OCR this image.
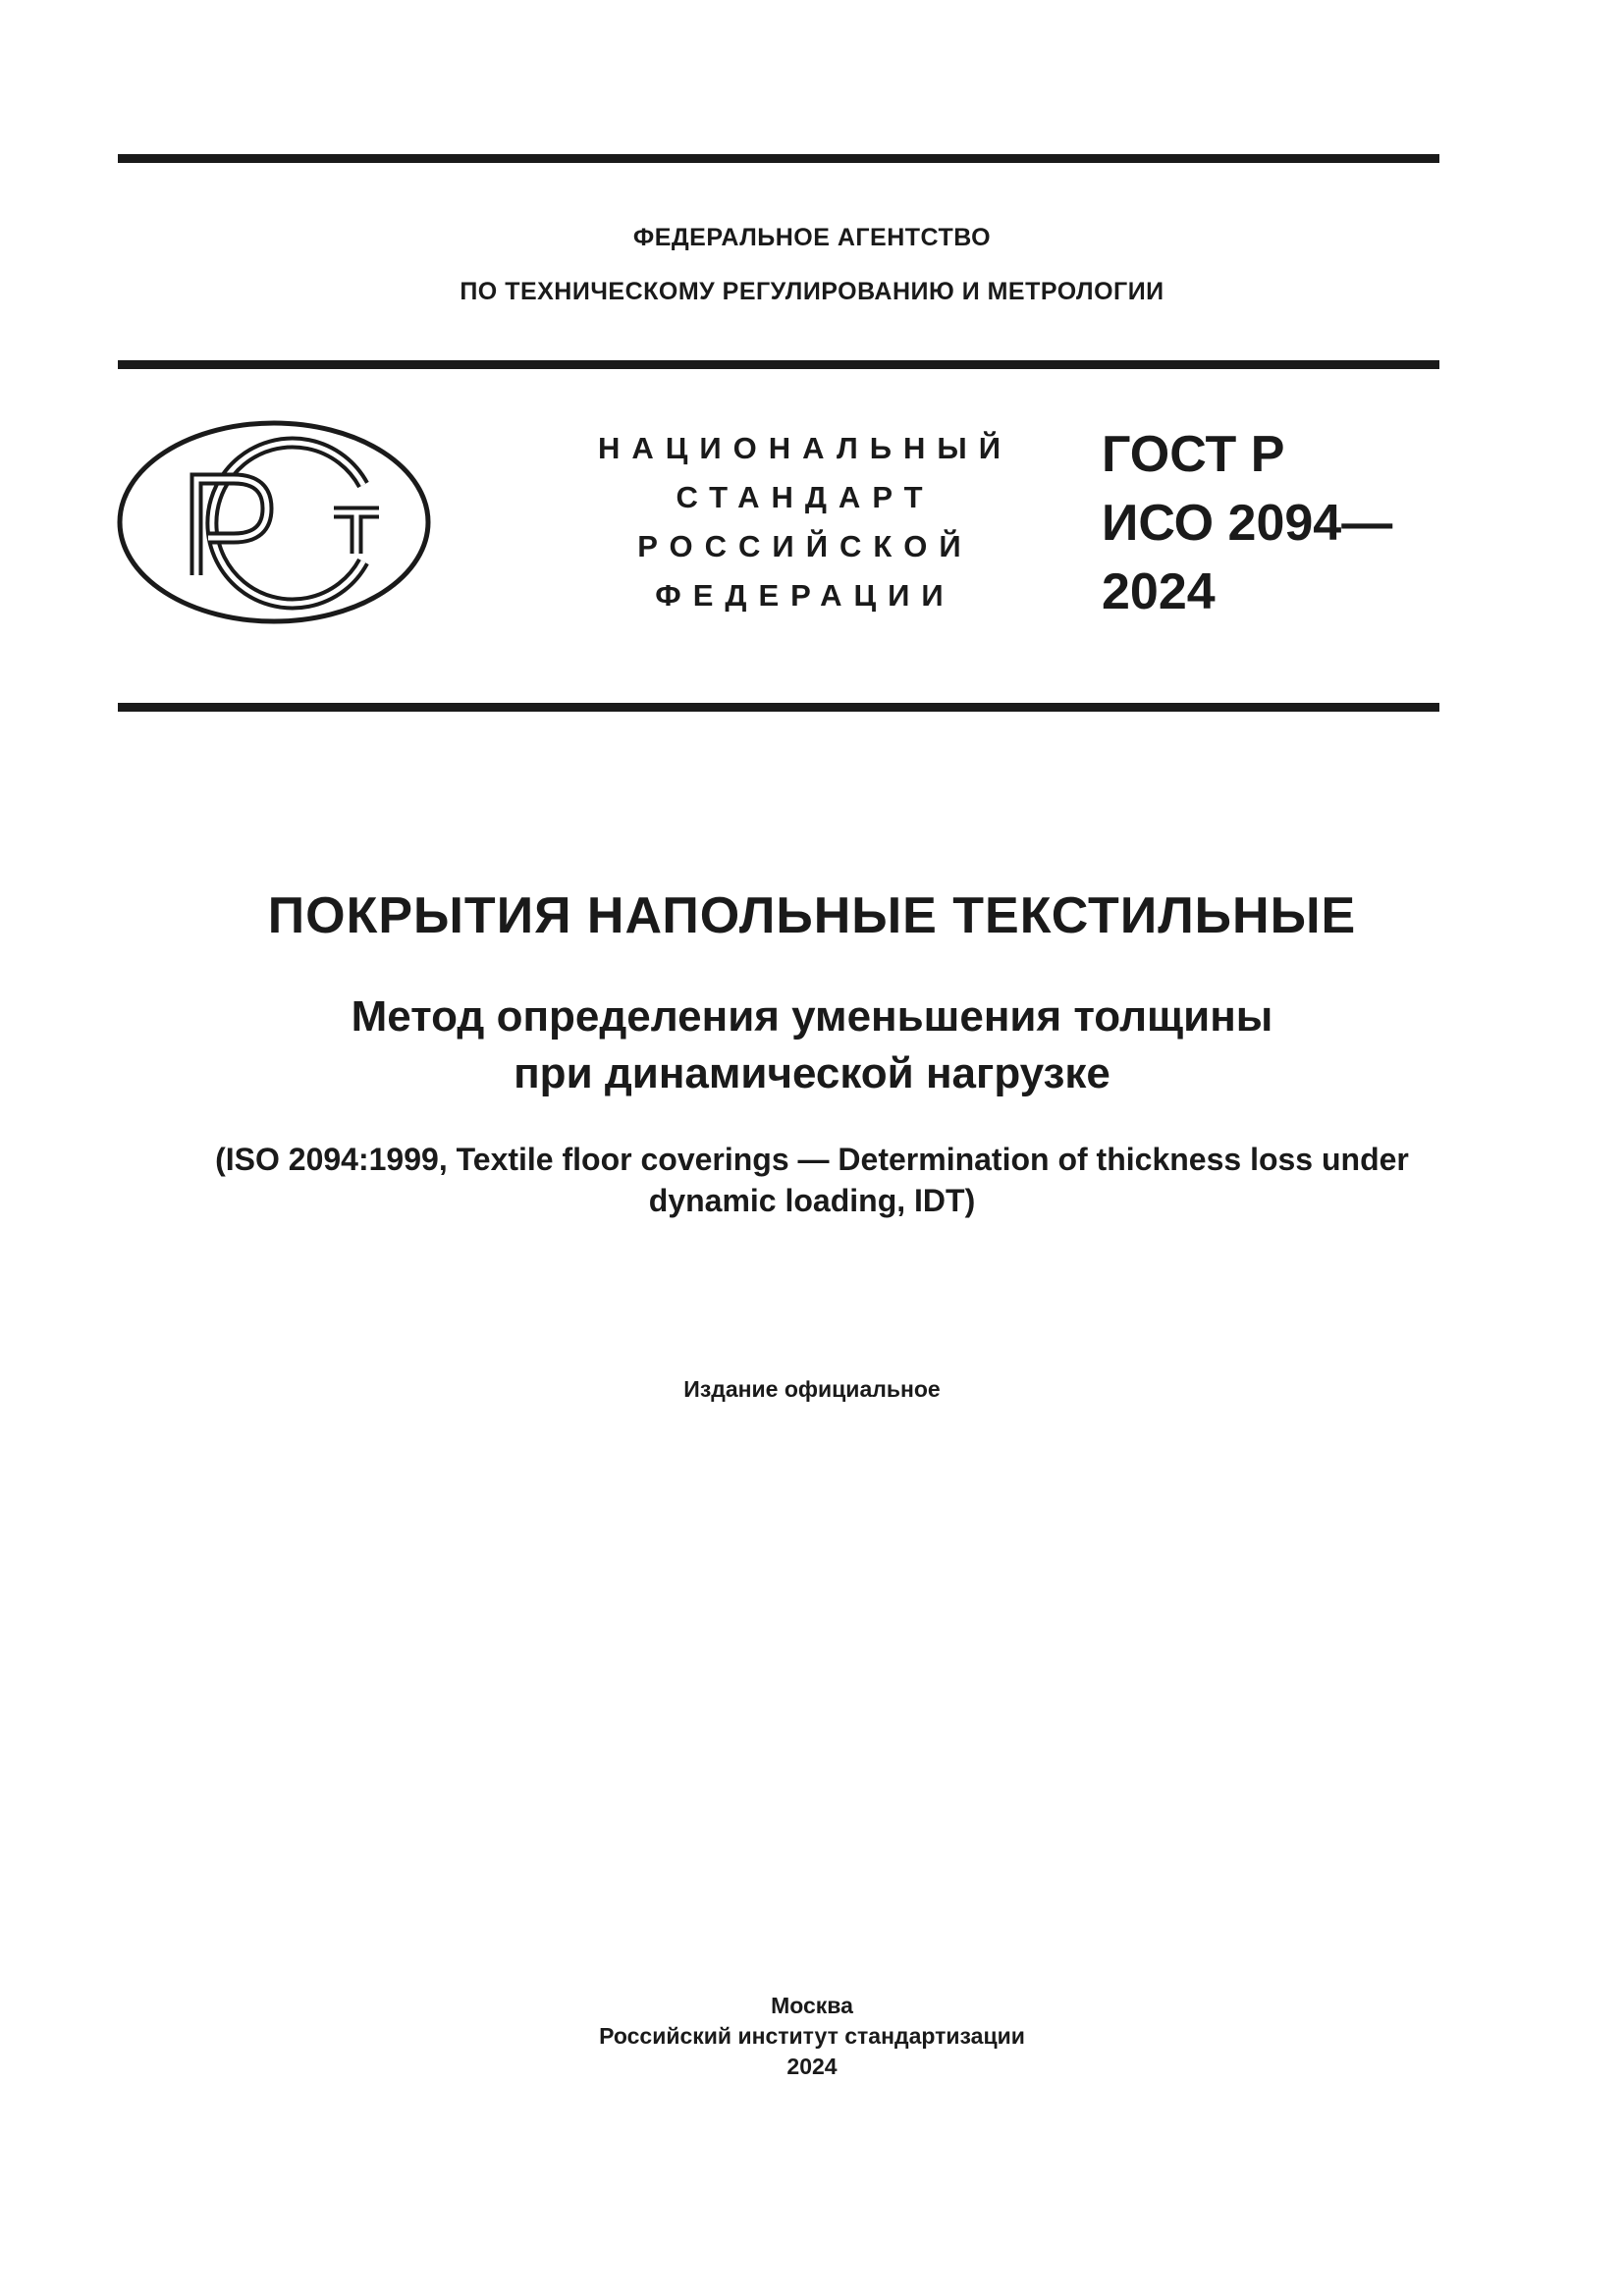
ФЕДЕРАЛЬНОЕ АГЕНТСТВО
ПО ТЕХНИЧЕСКОМУ РЕГУЛИРОВАНИЮ И МЕТРОЛОГИИ
НАЦИОНАЛЬНЫЙ
СТАНДАРТ
РОССИЙСКОЙ
ФЕДЕРАЦИИ
ГОСТ Р
ИСО 2094—
2024
ПОКРЫТИЯ НАПОЛЬНЫЕ ТЕКСТИЛЬНЫЕ
Метод определения уменьшения толщины
при динамической нагрузке
(ISO 2094:1999, Textile floor coverings — Determination of thickness loss under
dynamic loading, IDT)
Издание официальное
Москва
Российский институт стандартизации
2024
